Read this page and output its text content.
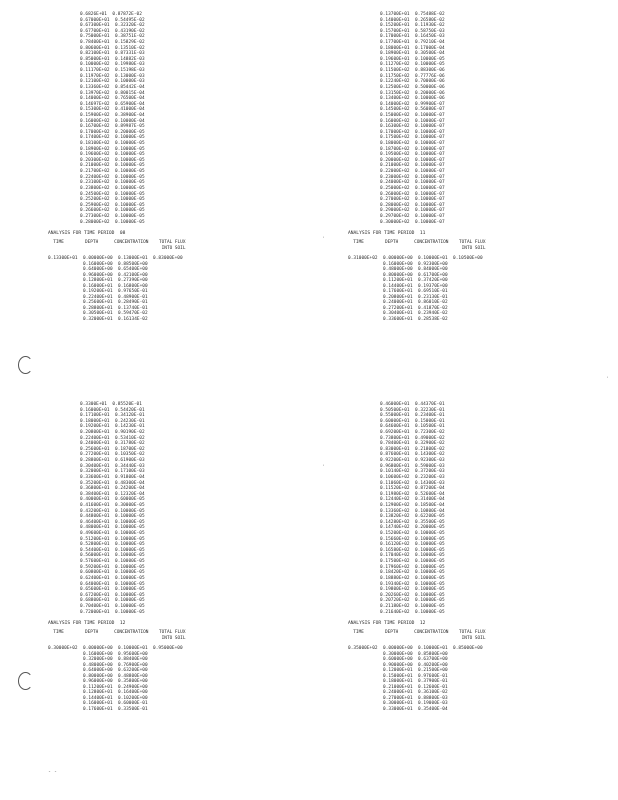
0.6826E+01  0.87872E-02
0.67000E+01  0.54495E-02
0.67300E+01  0.32320E-02
0.67700E+01  0.43190E-02
0.75000E+01  0.38751E-02
0.78400E+01  0.15829E-02
0.80600E+01  0.13510E-02
0.82100E+01  0.87331E-03
0.85000E+01  0.14882E-03
0.10000E+02  0.19980E-03
0.11170E+02  0.15198E-03
0.11970E+02  0.13000E-03
0.12100E+02  0.10000E-03
0.13360E+02  0.85442E-04
0.13970E+02  0.80015E-04
0.14000E+02  0.76500E-04
0.14697E+02  0.65900E-04
0.15300E+02  0.41000E-04
0.15900E+02  0.38900E-04
0.16000E+02  0.10000E-04
0.16700E+02  0.89987E-05
0.17000E+02  0.20000E-05
0.17400E+02  0.10000E-05
0.18100E+02  0.10000E-05
0.18900E+02  0.10000E-05
0.19600E+02  0.10000E-05
0.20300E+02  0.10000E-05
0.21000E+02  0.10000E-05
0.21700E+02  0.10000E-05
0.22400E+02  0.10000E-05
0.23100E+02  0.10000E-05
0.23800E+02  0.10000E-05
0.24500E+02  0.10000E-05
0.25200E+02  0.10000E-05
0.25900E+02  0.10000E-05
0.26600E+02  0.10000E-05
0.27300E+02  0.10000E-05
0.28000E+02  0.10000E-05
ANALYSIS FOR TIME PERIOD  08
TIME        DEPTH      CONCENTRATION    TOTAL FLUX
INTO SOIL
0.13300E+01  0.00000E+00  0.13000E+01  0.83000E+00
0.16000E+00  0.88500E+00
0.64000E+00  0.65400E+00
0.96000E+00  0.42100E+00
0.12800E+01  0.27390E+00
0.16000E+01  0.16800E+00
0.19200E+01  0.97650E-01
0.22400E+01  0.48900E-01
0.25600E+01  0.28490E-01
0.28800E+01  0.13740E-01
0.30500E+01  0.59470E-02
0.32000E+01  0.16134E-02
0.13700E+01  0.75488E-02
0.14000E+01  0.26580E-02
0.15200E+01  0.11930E-02
0.15700E+01  0.58750E-03
0.17000E+01  0.16450E-03
0.17700E+01  0.79210E-04
0.18000E+01  0.17000E-04
0.18900E+01  0.30500E-04
0.19600E+01  0.10000E-05
0.11270E+02  0.10000E-05
0.11500E+02  0.88300E-06
0.11750E+02  0.77776E-06
0.12240E+02  0.70000E-06
0.12500E+02  0.50000E-06
0.13150E+02  0.20000E-06
0.13400E+02  0.10000E-06
0.14000E+02  0.99900E-07
0.14500E+02  0.56080E-07
0.15000E+02  0.10000E-07
0.16000E+02  0.10000E-07
0.16300E+02  0.10000E-07
0.17000E+02  0.10000E-07
0.17500E+02  0.10000E-07
0.18000E+02  0.10000E-07
0.18700E+02  0.10000E-07
0.19500E+02  0.10000E-07
0.20000E+02  0.10000E-07
0.21000E+02  0.10000E-07
0.22000E+02  0.10000E-07
0.23000E+02  0.10000E-07
0.24000E+02  0.10000E-07
0.25000E+02  0.10000E-07
0.26000E+02  0.10000E-07
0.27000E+02  0.10000E-07
0.28000E+02  0.10000E-07
0.29000E+02  0.10000E-07
0.29700E+02  0.10000E-07
0.30000E+02  0.10000E-07
ANALYSIS FOR TIME PERIOD  11
TIME        DEPTH      CONCENTRATION    TOTAL FLUX
INTO SOIL
0.31000E+02  0.00000E+00  0.10000E+01  0.10500E+00
0.16000E+00  0.92300E+00
0.48000E+00  0.84000E+00
0.80000E+00  0.61700E+00
0.11200E+01  0.37420E+00
0.14400E+01  0.19370E+00
0.17600E+01  0.69510E-01
0.20800E+01  0.23130E-01
0.24000E+01  0.86010E-02
0.27200E+01  0.41870E-02
0.30400E+01  0.23940E-02
0.33600E+01  0.28538E-02
0.3300E+01  0.85520E-01
0.16000E+01  0.54420E-01
0.17100E+01  0.34120E-01
0.18000E+01  0.24230E-01
0.19200E+01  0.14230E-01
0.20800E+01  0.90190E-02
0.22400E+01  0.53410E-02
0.24000E+01  0.31780E-02
0.25600E+01  0.18700E-02
0.27200E+01  0.10350E-02
0.28800E+01  0.61900E-03
0.30400E+01  0.34440E-03
0.32000E+01  0.17100E-03
0.33600E+01  0.91800E-04
0.35200E+01  0.48300E-04
0.36800E+01  0.24200E-04
0.38400E+01  0.12320E-04
0.40000E+01  0.60000E-05
0.41600E+01  0.30000E-05
0.43200E+01  0.10000E-05
0.44800E+01  0.10000E-05
0.46400E+01  0.10000E-05
0.48000E+01  0.10000E-05
0.49600E+01  0.10000E-05
0.51200E+01  0.10000E-05
0.52800E+01  0.10000E-05
0.54400E+01  0.10000E-05
0.56000E+01  0.10000E-05
0.57600E+01  0.10000E-05
0.59200E+01  0.10000E-05
0.60800E+01  0.10000E-05
0.62400E+01  0.10000E-05
0.64000E+01  0.10000E-05
0.65600E+01  0.10000E-05
0.67200E+01  0.10000E-05
0.68800E+01  0.10000E-05
0.70400E+01  0.10000E-05
0.72000E+01  0.10000E-05
ANALYSIS FOR TIME PERIOD  12
TIME        DEPTH      CONCENTRATION    TOTAL FLUX
INTO SOIL
0.30000E+02  0.00000E+00  0.10000E+01  0.95000E+00
0.16000E+00  0.95600E+00
0.32000E+00  0.88400E+00
0.48000E+00  0.76900E+00
0.64000E+00  0.63200E+00
0.80000E+00  0.48800E+00
0.96000E+00  0.35800E+00
0.11200E+01  0.24900E+00
0.12800E+01  0.16400E+00
0.14400E+01  0.10200E+00
0.16000E+01  0.60000E-01
0.17600E+01  0.33500E-01
0.46000E+01  0.44370E-01
0.50500E+01  0.32230E-01
0.55000E+01  0.23400E-01
0.60000E+01  0.15000E-01
0.64600E+01  0.10500E-01
0.69200E+01  0.72300E-02
0.73800E+01  0.49000E-02
0.78400E+01  0.32900E-02
0.83000E+01  0.21800E-02
0.87600E+01  0.14300E-02
0.92200E+01  0.92300E-03
0.96800E+01  0.59000E-03
0.10140E+02  0.37200E-03
0.10600E+02  0.23200E-03
0.11060E+02  0.14300E-03
0.11520E+02  0.87200E-04
0.11980E+02  0.52600E-04
0.12440E+02  0.31400E-04
0.12900E+02  0.18500E-04
0.13360E+02  0.10800E-04
0.13820E+02  0.62200E-05
0.14280E+02  0.35500E-05
0.14740E+02  0.20000E-05
0.15200E+02  0.10000E-05
0.15660E+02  0.10000E-05
0.16120E+02  0.10000E-05
0.16580E+02  0.10000E-05
0.17040E+02  0.10000E-05
0.17500E+02  0.10000E-05
0.17960E+02  0.10000E-05
0.18420E+02  0.10000E-05
0.18880E+02  0.10000E-05
0.19340E+02  0.10000E-05
0.19800E+02  0.10000E-05
0.20260E+02  0.10000E-05
0.20720E+02  0.10000E-05
0.21180E+02  0.10000E-05
0.21640E+02  0.10000E-05
ANALYSIS FOR TIME PERIOD  12
TIME        DEPTH      CONCENTRATION    TOTAL FLUX
INTO SOIL
0.35000E+02  0.00000E+00  0.10000E+01  0.85000E+00
0.30000E+00  0.85800E+00
0.60000E+00  0.63700E+00
0.90000E+00  0.40200E+00
0.12000E+01  0.21500E+00
0.15000E+01  0.97600E-01
0.18000E+01  0.37900E-01
0.21000E+01  0.12600E-01
0.24000E+01  0.36100E-02
0.27000E+01  0.88800E-03
0.30000E+01  0.19000E-03
0.33000E+01  0.35400E-04
·
·
·
‐ ‐
